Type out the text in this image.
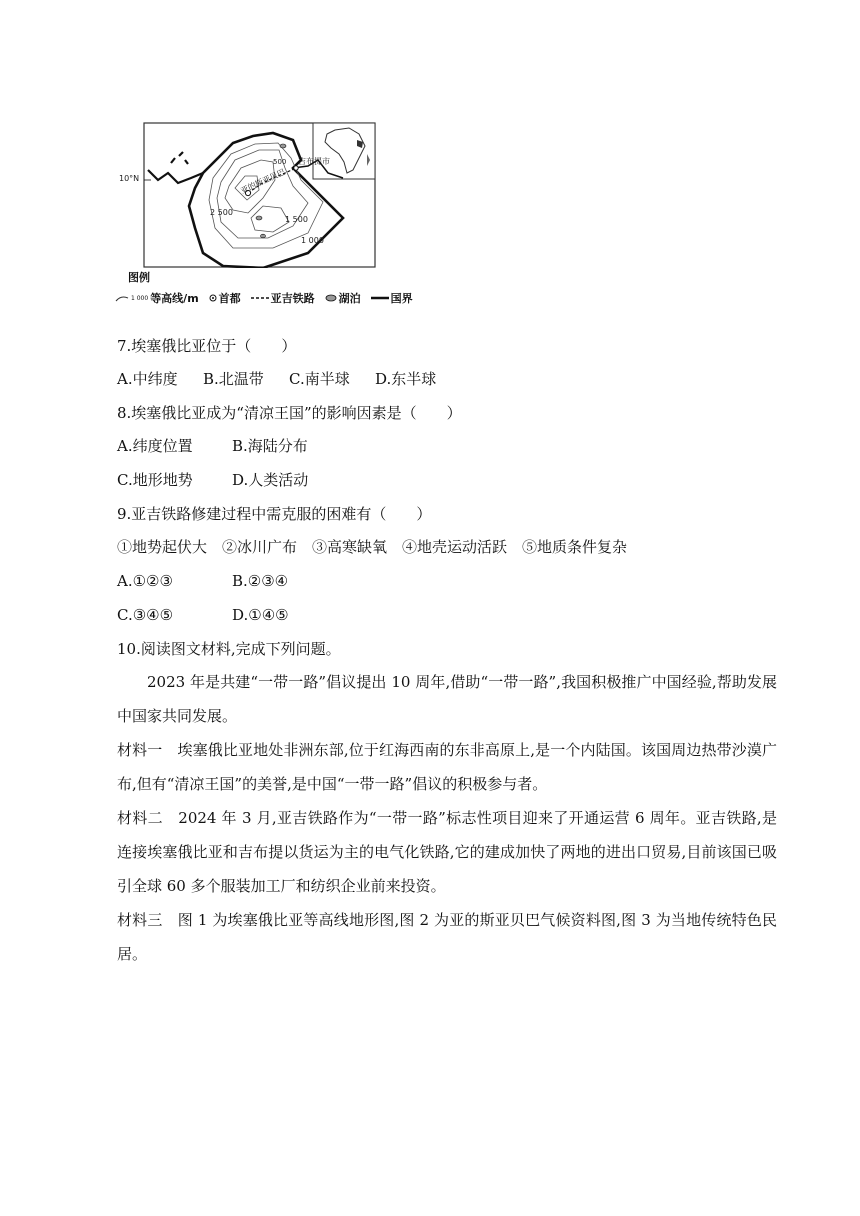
10°N	亚的斯亚贝巴
吉布提市
500
2 500
1 500
1 000
图例
1 000 等高线/m 首都	亚吉铁路 湖泊	国界
7.埃塞俄比亚位于（　　）
A.中纬度 B.北温带 C.南半球 D.东半球
8.埃塞俄比亚成为“清凉王国”的影响因素是（　　）
A.纬度位置	B.海陆分布
C.地形地势	D.人类活动
9.亚吉铁路修建过程中需克服的困难有（　　）
①地势起伏大　②冰川广布　③高寒缺氧　④地壳运动活跃　⑤地质条件复杂
A.①②③	B.②③④
C.③④⑤	D.①④⑤
10.阅读图文材料,完成下列问题。
2023 年是共建“一带一路”倡议提出 10 周年,借助“一带一路”,我国积极推广中国经验,帮助发展中国家共同发展。
材料一　埃塞俄比亚地处非洲东部,位于红海西南的东非高原上,是一个内陆国。该国周边热带沙漠广布,但有“清凉王国”的美誉,是中国“一带一路”倡议的积极参与者。
材料二　2024 年 3 月,亚吉铁路作为“一带一路”标志性项目迎来了开通运营 6 周年。亚吉铁路,是连接埃塞俄比亚和吉布提以货运为主的电气化铁路,它的建成加快了两地的进出口贸易,目前该国已吸引全球 60 多个服装加工厂和纺织企业前来投资。
材料三　图 1 为埃塞俄比亚等高线地形图,图 2 为亚的斯亚贝巴气候资料图,图 3 为当地传统特色民居。
